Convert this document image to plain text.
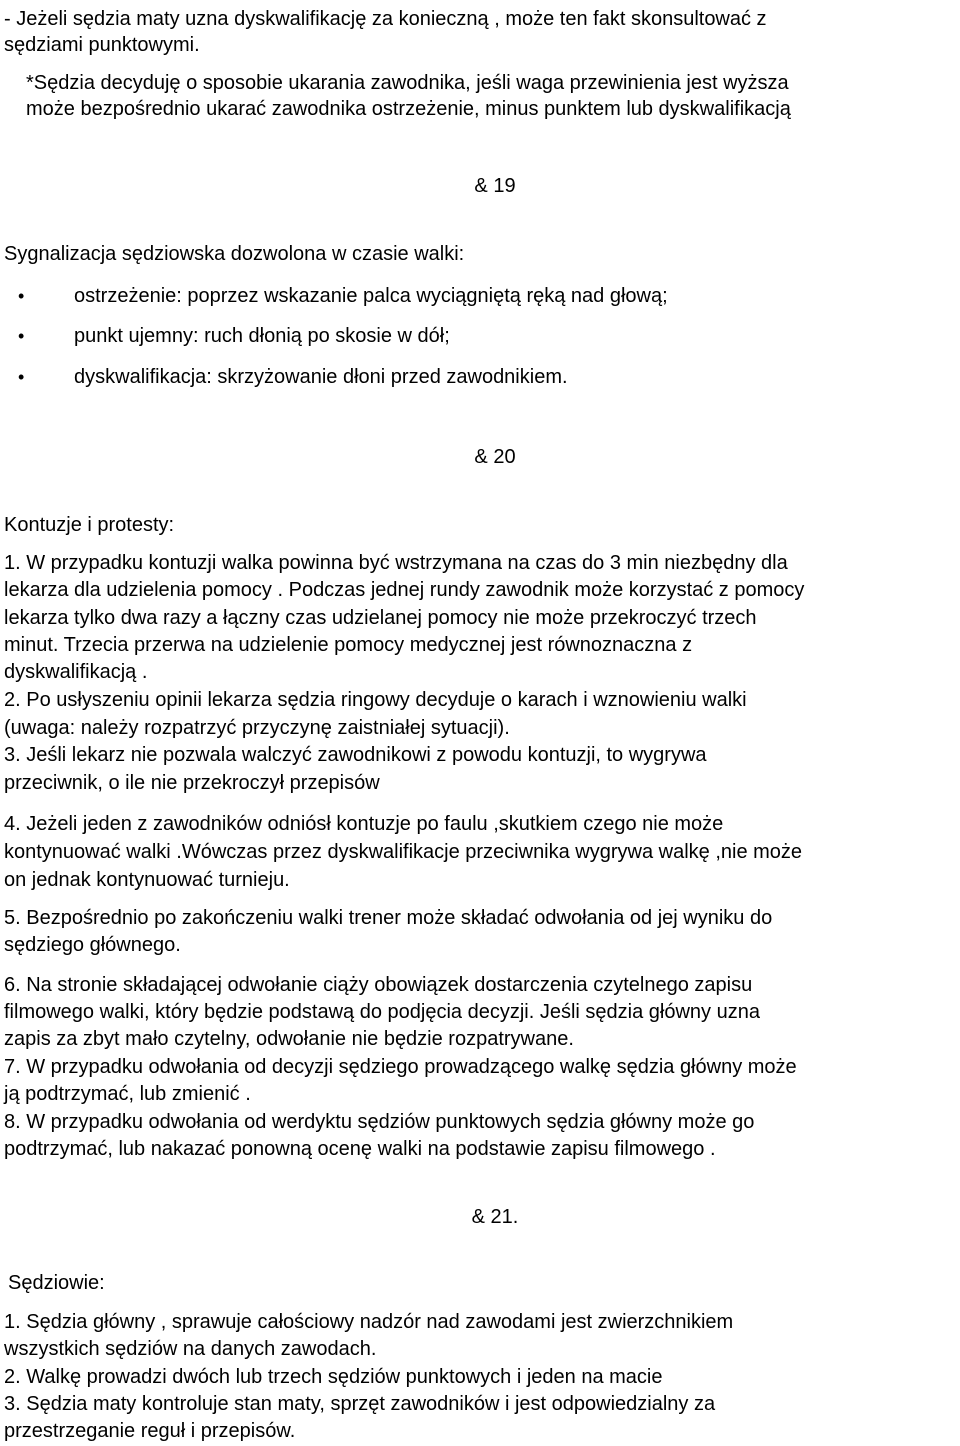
- Jeżeli sędzia maty uzna dyskwalifikację za konieczną , może ten fakt skonsultować z
sędziami punktowymi.
*Sędzia decyduję o sposobie ukarania zawodnika, jeśli waga przewinienia jest wyższa
może bezpośrednio ukarać zawodnika ostrzeżenie, minus punktem lub dyskwalifikacją
& 19
Sygnalizacja sędziowska dozwolona w czasie walki:
• ostrzeżenie: poprzez wskazanie palca wyciągniętą ręką nad głową;
• punkt ujemny: ruch dłonią po skosie w dół;
• dyskwalifikacja: skrzyżowanie dłoni przed zawodnikiem.
& 20
Kontuzje i protesty:
1. W przypadku kontuzji walka powinna być wstrzymana na czas do 3 min niezbędny dla
lekarza dla udzielenia pomocy . Podczas jednej rundy zawodnik może korzystać z pomocy
lekarza tylko dwa razy a łączny czas udzielanej pomocy nie może przekroczyć trzech
minut. Trzecia przerwa na udzielenie pomocy medycznej jest równoznaczna z
dyskwalifikacją .
2. Po usłyszeniu opinii lekarza sędzia ringowy decyduje o karach i wznowieniu walki
(uwaga: należy rozpatrzyć przyczynę zaistniałej sytuacji).
3. Jeśli lekarz nie pozwala walczyć zawodnikowi z powodu kontuzji, to wygrywa
przeciwnik, o ile nie przekroczył przepisów
4. Jeżeli jeden z zawodników odniósł kontuzje po faulu ,skutkiem czego nie może
kontynuować walki .Wówczas przez dyskwalifikacje przeciwnika wygrywa walkę ,nie może
on jednak kontynuować turnieju.
5. Bezpośrednio po zakończeniu walki trener może składać odwołania od jej wyniku do
sędziego głównego.
6. Na stronie składającej odwołanie ciąży obowiązek dostarczenia czytelnego zapisu
filmowego walki, który będzie podstawą do podjęcia decyzji. Jeśli sędzia główny uzna
zapis za zbyt mało czytelny, odwołanie nie będzie rozpatrywane.
7. W przypadku odwołania od decyzji sędziego prowadzącego walkę sędzia główny może
ją podtrzymać, lub zmienić .
8. W przypadku odwołania od werdyktu sędziów punktowych sędzia główny może go
podtrzymać, lub nakazać ponowną ocenę walki na podstawie zapisu filmowego .
& 21.
Sędziowie:
1. Sędzia główny , sprawuje całościowy nadzór nad zawodami jest zwierzchnikiem
wszystkich sędziów na danych zawodach.
2. Walkę prowadzi dwóch lub trzech sędziów punktowych i jeden na macie
3. Sędzia maty kontroluje stan maty, sprzęt zawodników i jest odpowiedzialny za
przestrzeganie reguł i przepisów.
